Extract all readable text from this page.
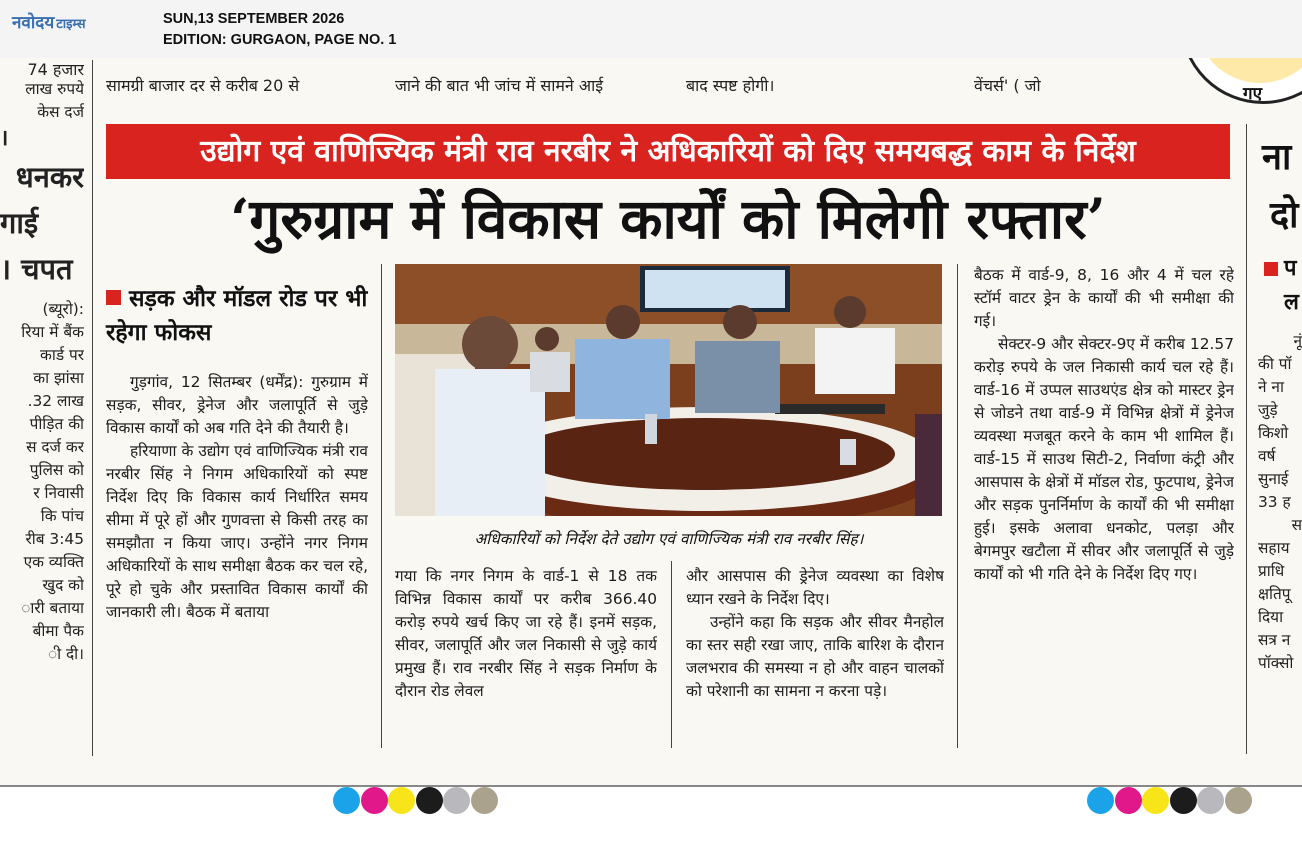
74 हजार
सामग्री बाजार दर से करीब 20 से	जाने की बात भी जांच में सामने आई	बाद स्पष्ट होगी।	वेंचर्स' ( जो	गए
लाख रुपये
केस दर्ज
।
धनकर
गाई
। चपत
(ब्यूरो):
रिया में बैंक
कार्ड पर
का झांसा
.32 लाख
पीड़ित की
स दर्ज कर
पुलिस को
र निवासी
कि पांच
रीब 3:45
एक व्यक्ति
खुद को
ारी बताया
बीमा पैक
ी दी।
उद्योग एवं वाणिज्यिक मंत्री राव नरबीर ने अधिकारियों को दिए समयबद्ध काम के निर्देश
‘गुरुग्राम में विकास कार्यों को मिलेगी रफ्तार’
सड़क और मॉडल रोड पर भी रहेगा फोकस

गुड़गांव, 12 सितम्बर (धर्मेंद्र): गुरुग्राम में सड़क, सीवर, ड्रेनेज और जलापूर्ति से जुड़े विकास कार्यों को अब गति देने की तैयारी है।

हरियाणा के उद्योग एवं वाणिज्यिक मंत्री राव नरबीर सिंह ने निगम अधिकारियों को स्पष्ट निर्देश दिए कि विकास कार्य निर्धारित समय सीमा में पूरे हों और गुणवत्ता से किसी तरह का समझौता न किया जाए। उन्होंने नगर निगम अधिकारियों के साथ समीक्षा बैठक कर चल रहे, पूरे हो चुके और प्रस्तावित विकास कार्यों की जानकारी ली। बैठक में बताया

अधिकारियों को निर्देश देते उद्योग एवं वाणिज्यिक मंत्री राव नरबीर सिंह।

गया कि नगर निगम के वार्ड-1 से 18 तक विभिन्न विकास कार्यों पर करीब 366.40 करोड़ रुपये खर्च किए जा रहे हैं। इनमें सड़क, सीवर, जलापूर्ति और जल निकासी से जुड़े कार्य प्रमुख हैं। राव नरबीर सिंह ने सड़क निर्माण के दौरान रोड लेवल

और आसपास की ड्रेनेज व्यवस्था का विशेष ध्यान रखने के निर्देश दिए।

उन्होंने कहा कि सड़क और सीवर मैनहोल का स्तर सही रखा जाए, ताकि बारिश के दौरान जलभराव की समस्या न हो और वाहन चालकों को परेशानी का सामना न करना पड़े।

बैठक में वार्ड-9, 8, 16 और 4 में चल रहे स्टॉर्म वाटर ड्रेन के कार्यों की भी समीक्षा की गई।

सेक्टर-9 और सेक्टर-9ए में करीब 12.57 करोड़ रुपये के जल निकासी कार्य चल रहे हैं। वार्ड-16 में उप्पल साउथएंड क्षेत्र को मास्टर ड्रेन से जोडने तथा वार्ड-9 में विभिन्न क्षेत्रों में ड्रेनेज व्यवस्था मजबूत करने के काम भी शामिल हैं। वार्ड-15 में साउथ सिटी-2, निर्वाणा कंट्री और आसपास के क्षेत्रों में मॉडल रोड, फुटपाथ, ड्रेनेज और सड़क पुनर्निर्माण के कार्यों की भी समीक्षा हुई। इसके अलावा धनकोट, पलड़ा और बेगमपुर खटौला में सीवर और जलापूर्ति से जुड़े कार्यों को भी गति देने के निर्देश दिए गए।

ना
दो
प
ल
नूं
की पॉ
ने ना
जुड़े
किशो
वर्ष
सुनाई
33 ह
स
सहाय
प्राधि
क्षतिपू
दिया
सत्र न
पॉक्सो
नवोदय टाइम्स	SUN,13 SEPTEMBER 2026
EDITION: GURGAON, PAGE NO. 1
